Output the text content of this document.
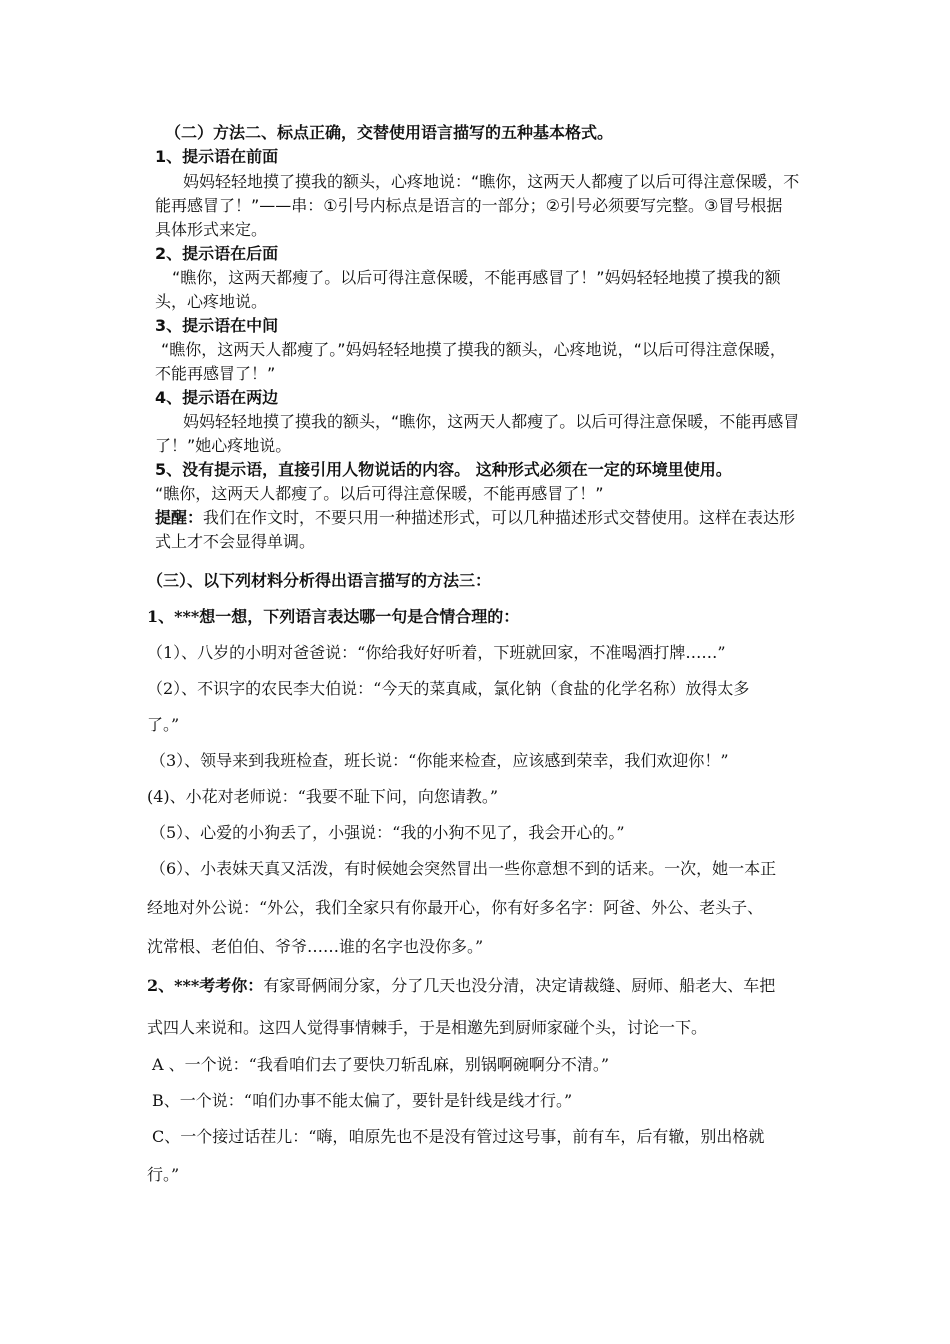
（二）方法二、标点正确，交替使用语言描写的五种基本格式。
1、提示语在前面
妈妈轻轻地摸了摸我的额头，心疼地说：“瞧你，这两天人都瘦了以后可得注意保暖，不
能再感冒了！”——串：①引号内标点是语言的一部分；②引号必须要写完整。③冒号根据
具体形式来定。
2、提示语在后面
“瞧你，这两天都瘦了。以后可得注意保暖，不能再感冒了！”妈妈轻轻地摸了摸我的额
头，心疼地说。
3、提示语在中间
“瞧你，这两天人都瘦了。”妈妈轻轻地摸了摸我的额头，心疼地说，“以后可得注意保暖，
不能再感冒了！”
4、提示语在两边
妈妈轻轻地摸了摸我的额头，“瞧你，这两天人都瘦了。以后可得注意保暖，不能再感冒
了！”她心疼地说。
5、没有提示语，直接引用人物说话的内容。 这种形式必须在一定的环境里使用。
“瞧你，这两天人都瘦了。以后可得注意保暖，不能再感冒了！”
提醒：我们在作文时，不要只用一种描述形式，可以几种描述形式交替使用。这样在表达形
式上才不会显得单调。
（三）、以下列材料分析得出语言描写的方法三：
1、***想一想，下列语言表达哪一句是合情合理的：
（1）、八岁的小明对爸爸说：“你给我好好听着，下班就回家，不准喝酒打牌……”
（2）、不识字的农民李大伯说：“今天的菜真咸，氯化钠（食盐的化学名称）放得太多
了。”
（3）、领导来到我班检查，班长说：“你能来检查，应该感到荣幸，我们欢迎你！”
(4)、小花对老师说：“我要不耻下问，向您请教。”
（5）、心爱的小狗丢了，小强说：“我的小狗不见了，我会开心的。”
（6）、小表妹天真又活泼，有时候她会突然冒出一些你意想不到的话来。一次，她一本正
经地对外公说：“外公，我们全家只有你最开心，你有好多名字：阿爸、外公、老头子、
沈常根、老伯伯、爷爷……谁的名字也没你多。”
2、***考考你：有家哥俩闹分家，分了几天也没分清，决定请裁缝、厨师、船老大、车把
式四人来说和。这四人觉得事情棘手，于是相邀先到厨师家碰个头，讨论一下。
A 、一个说：“我看咱们去了要快刀斩乱麻，别锅啊碗啊分不清。”
B、一个说：“咱们办事不能太偏了，要针是针线是线才行。”
C、一个接过话茬儿：“嗨，咱原先也不是没有管过这号事，前有车，后有辙，别出格就
行。”
